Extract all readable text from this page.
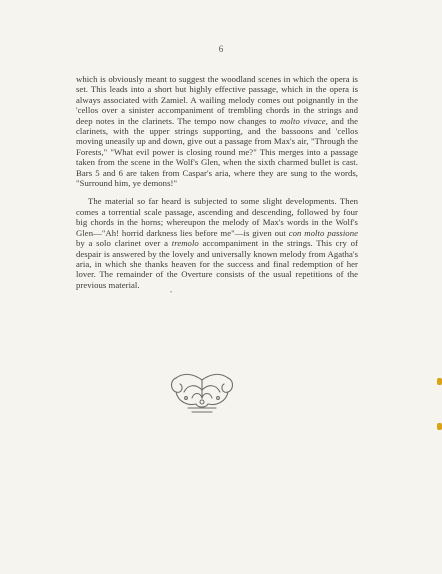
6

which is obviously meant to suggest the woodland scenes in which the opera is set. This leads into a short but highly effective passage, which in the opera is always associated with Zamiel. A wailing melody comes out poignantly in the 'cellos over a sinister accompaniment of trembling chords in the strings and deep notes in the clarinets. The tempo now changes to molto vivace, and the clarinets, with the upper strings supporting, and the bassoons and 'cellos moving uneasily up and down, give out a passage from Max's air, "Through the Forests," "What evil power is closing round me?" This merges into a passage taken from the scene in the Wolf's Glen, when the sixth charmed bullet is cast. Bars 5 and 6 are taken from Caspar's aria, where they are sung to the words, "Surround him, ye demons!"

The material so far heard is subjected to some slight developments. Then comes a torrential scale passage, ascending and descending, followed by four big chords in the horns; whereupon the melody of Max's words in the Wolf's Glen—"Ah! horrid darkness lies before me"—is given out con molto passione by a solo clarinet over a tremolo accompaniment in the strings. This cry of despair is answered by the lovely and universally known melody from Agatha's aria, in which she thanks heaven for the success and final redemption of her lover. The remainder of the Overture consists of the usual repetitions of the previous material.

•
